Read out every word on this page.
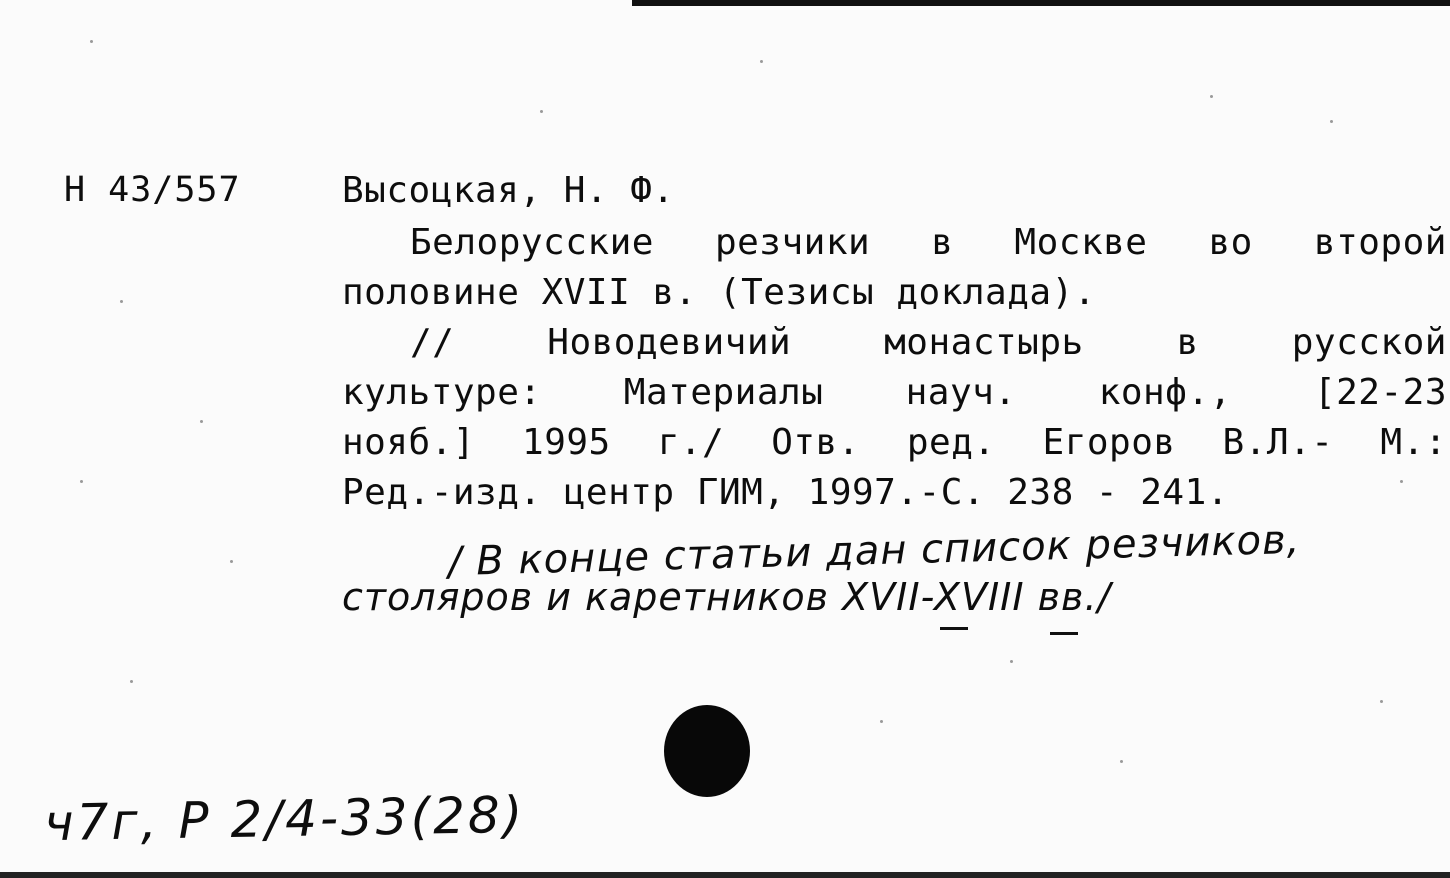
Н 43/557	Высоцкая, Н. Ф.
Белорусские резчики в Москве во второй
половине XVII в. (Тезисы доклада).
//	Новодевичий	монастырь	в	русской
культуре: Материалы науч. конф., [22-23
нояб.] 1995 г./ Отв. ред. Егоров В.Л.- М.:
Ред.-изд. центр ГИМ, 1997.-С. 238 - 241.
/ В конце статьи дан список резчиков,
столяров и каретников XVII-XVIII вв./
ч7г, Р 2/4-33(28)
